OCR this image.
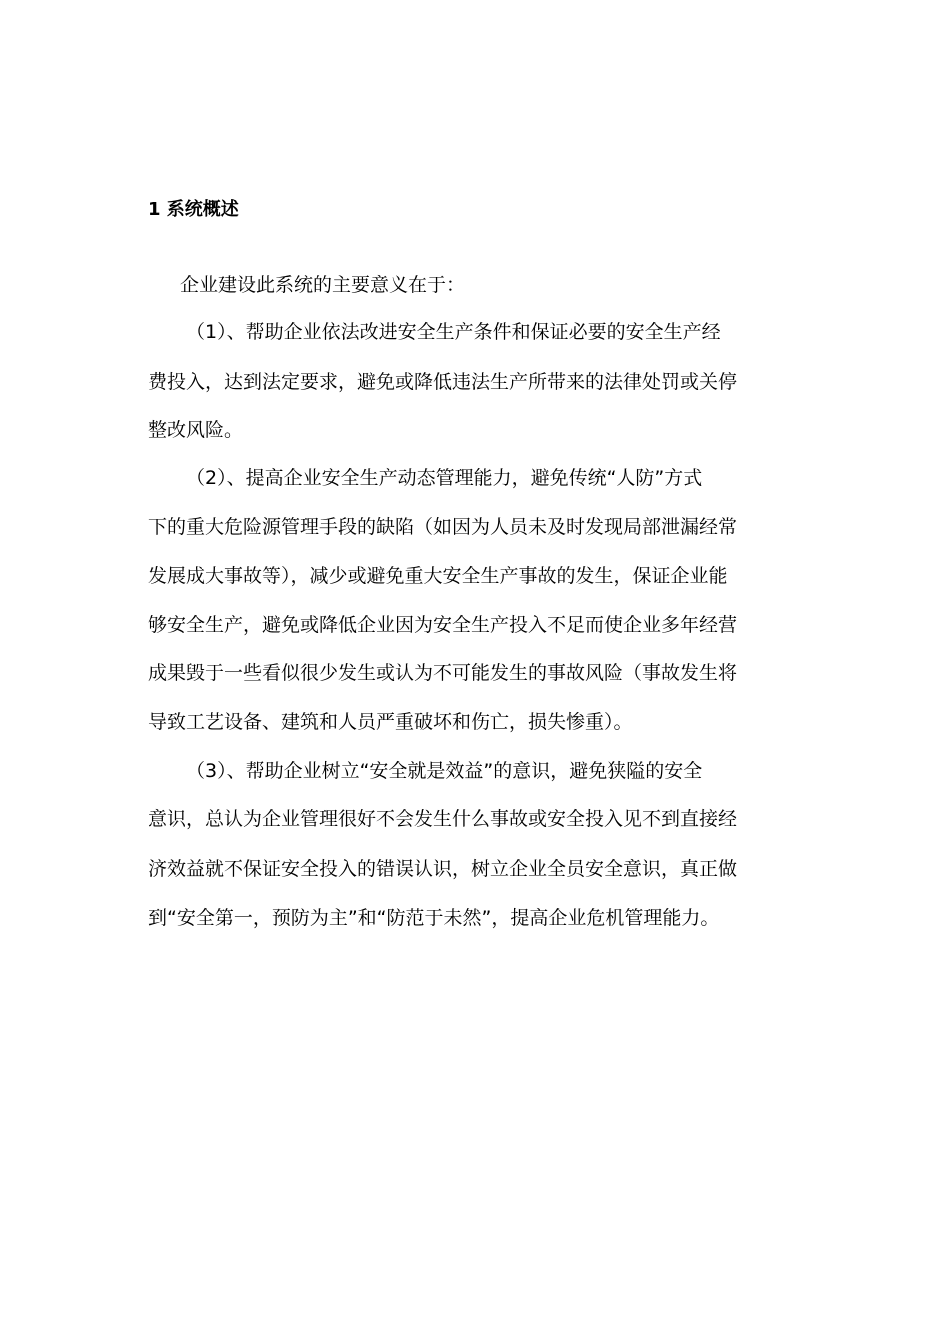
1 系统概述
企业建设此系统的主要意义在于：
（1）、帮助企业依法改进安全生产条件和保证必要的安全生产经
费投入，达到法定要求，避免或降低违法生产所带来的法律处罚或关停
整改风险。
（2）、提高企业安全生产动态管理能力，避免传统“人防”方式
下的重大危险源管理手段的缺陷（如因为人员未及时发现局部泄漏经常
发展成大事故等），减少或避免重大安全生产事故的发生，保证企业能
够安全生产，避免或降低企业因为安全生产投入不足而使企业多年经营
成果毁于一些看似很少发生或认为不可能发生的事故风险（事故发生将
导致工艺设备、建筑和人员严重破坏和伤亡，损失惨重）。
（3）、帮助企业树立“安全就是效益”的意识，避免狭隘的安全
意识，总认为企业管理很好不会发生什么事故或安全投入见不到直接经
济效益就不保证安全投入的错误认识，树立企业全员安全意识，真正做
到“安全第一，预防为主”和“防范于未然”，提高企业危机管理能力。
